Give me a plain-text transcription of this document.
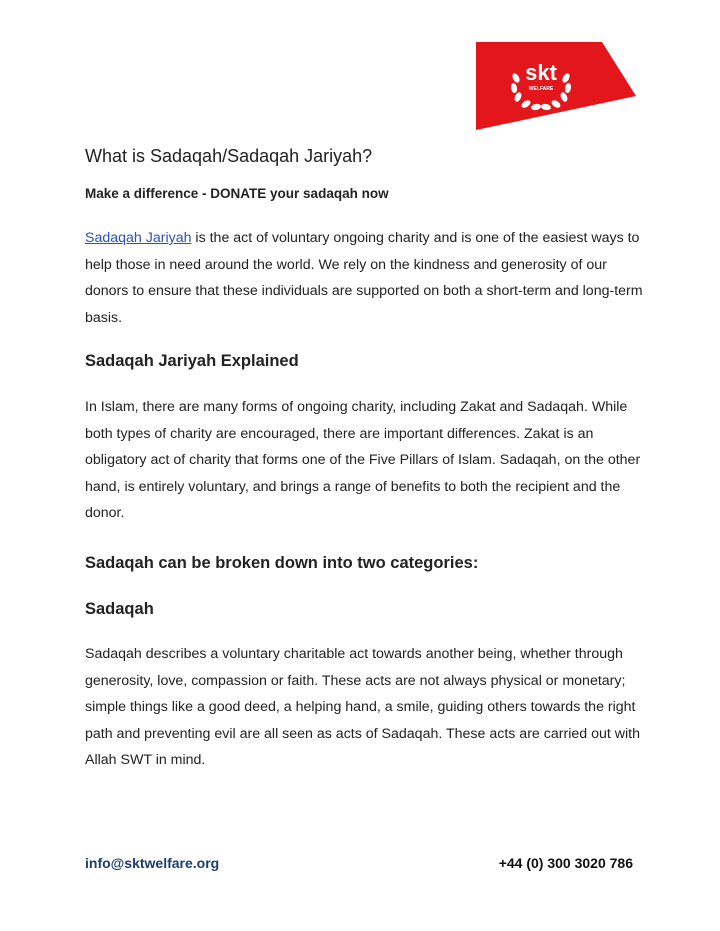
skt
WELFARE
What is Sadaqah/Sadaqah Jariyah?
Make a difference - DONATE your sadaqah now

Sadaqah Jariyah is the act of voluntary ongoing charity and is one of the easiest ways to help those in need around the world. We rely on the kindness and generosity of our donors to ensure that these individuals are supported on both a short-term and long-term basis.

Sadaqah Jariyah Explained

In Islam, there are many forms of ongoing charity, including Zakat and Sadaqah. While both types of charity are encouraged, there are important differences. Zakat is an obligatory act of charity that forms one of the Five Pillars of Islam. Sadaqah, on the other hand, is entirely voluntary, and brings a range of benefits to both the recipient and the donor.

Sadaqah can be broken down into two categories:
Sadaqah

Sadaqah describes a voluntary charitable act towards another being, whether through generosity, love, compassion or faith. These acts are not always physical or monetary; simple things like a good deed, a helping hand, a smile, guiding others towards the right path and preventing evil are all seen as acts of Sadaqah. These acts are carried out with Allah SWT in mind.

info@sktwelfare.org	+44 (0) 300 3020 786
